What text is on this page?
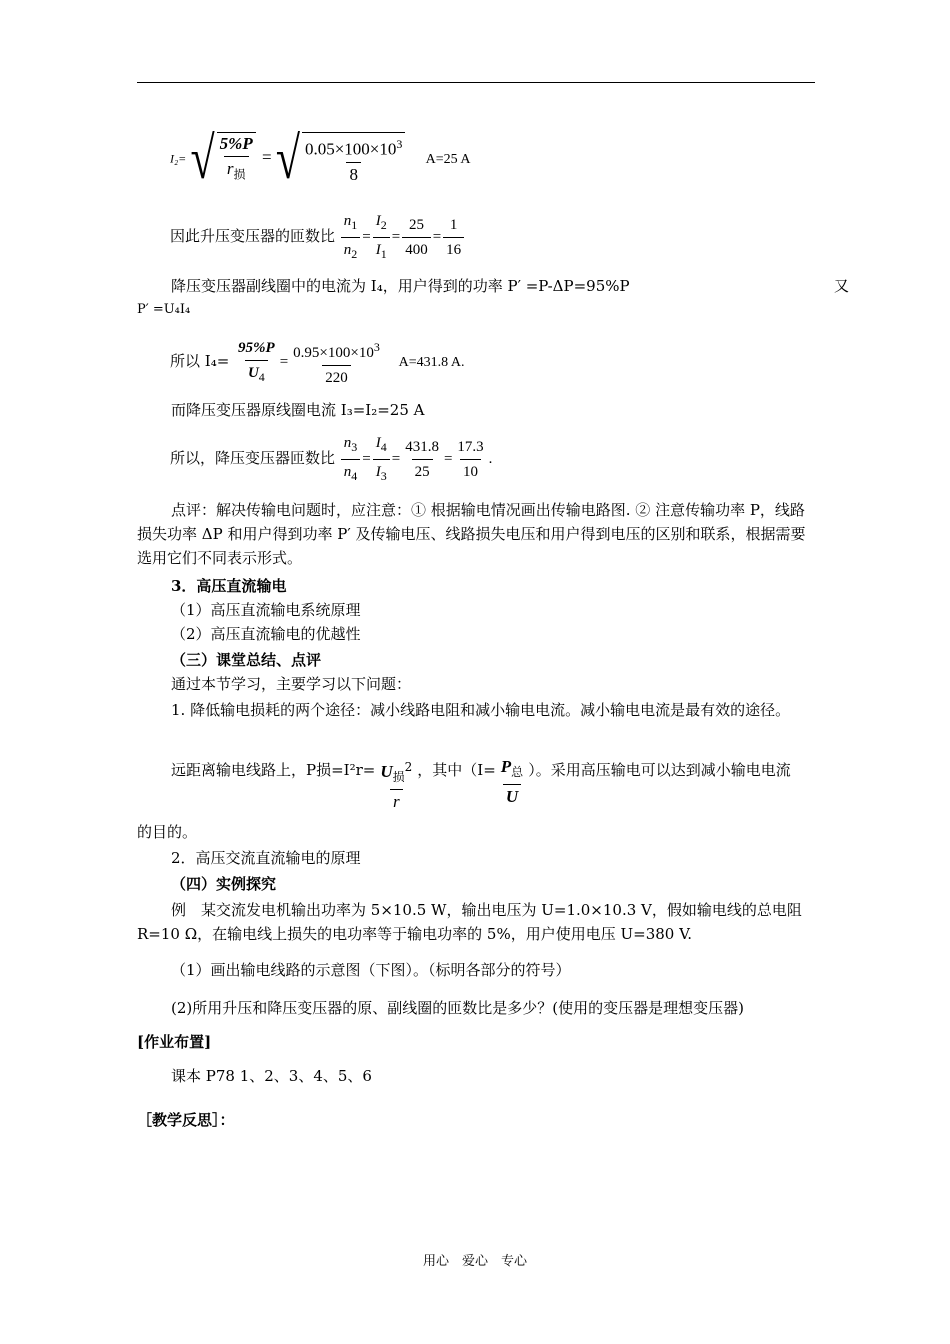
I₂= √ $\frac{5\%P}{r_损}$ = √ $\frac{0.05\times 100\times 10^3}{8} A=25$ A
因此升压变压器的匝数比 $\frac{n_1}{n_2} = \frac{I_2}{I_1} = \frac{25}{400} = \frac{1}{16}$
降压变压器副线圈中的电流为 I₄，用户得到的功率 P′ =P-ΔP=95%P	又
P′ =U₄I₄
所以 $I_4= \frac{95\%P}{U_4} = \frac{0.95\times 100\times 10^3}{220} A=431.8$ A.
而降压变压器原线圈电流 I₃=I₂=25 A
所以，降压变压器匝数比 $\frac{n_3}{n_4} = \frac{I_4}{I_3} = \frac{431.8}{25} = \frac{17.3}{10}$ .
点评：解决传输电问题时，应注意：① 根据输电情况画出传输电路图. ② 注意传输功率 P，线路损失功率 ΔP 和用户得到功率 P′ 及传输电压、线路损失电压和用户得到电压的区别和联系，根据需要选用它们不同表示形式。
3．高压直流输电
（1）高压直流输电系统原理
（2）高压直流输电的优越性
（三）课堂总结、点评
通过本节学习，主要学习以下问题：
1. 降低输电损耗的两个途径：减小线路电阻和减小输电电流。减小输电电流是最有效的途径。
远距离输电线路上，P损$=I^2r= \frac{U_损^2}{r}$ ，其中（$I= \frac{P_总}{U}$ ）。采用高压输电可以达到减小输电电流
的目的。
2．高压交流直流输电的原理
（四）实例探究
例　某交流发电机输出功率为 5×10.5 W，输出电压为 U=1.0×10.3 V，假如输电线的总电阻 R=10 Ω，在输电线上损失的电功率等于输电功率的 5%，用户使用电压 U=380 V.
（1）画出输电线路的示意图（下图）。（标明各部分的符号）
(2)所用升压和降压变压器的原、副线圈的匝数比是多少？(使用的变压器是理想变压器)
[作业布置]
课本 P78 1、2、3、4、5、6
［教学反思］：
用心　爱心　专心
